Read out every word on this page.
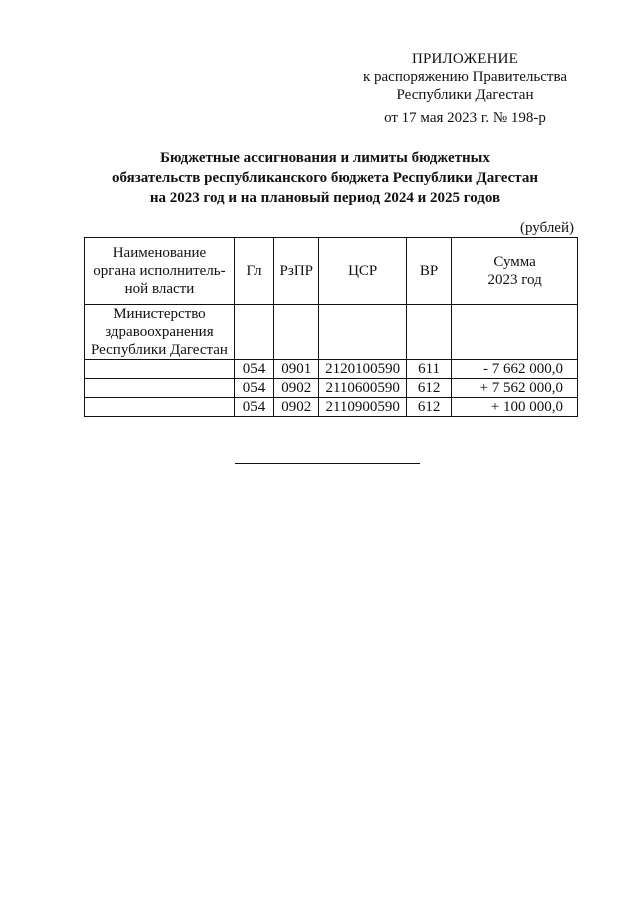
ПРИЛОЖЕНИЕ
к распоряжению Правительства
Республики Дагестан
от 17 мая 2023 г. № 198-р
Бюджетные ассигнования и лимиты бюджетных
обязательств республиканского бюджета Республики Дагестан
на 2023 год и на плановый период 2024 и 2025 годов
(рублей)
Наименование
органа исполнитель-
ной власти	Гл	РзПР	ЦСР	ВР	Сумма
2023 год
Министерство
здравоохранения
Республики Дагестан					
	054	0901	2120100590	611	- 7 662 000,0
	054	0902	2110600590	612	+ 7 562 000,0
	054	0902	2110900590	612	+ 100 000,0
